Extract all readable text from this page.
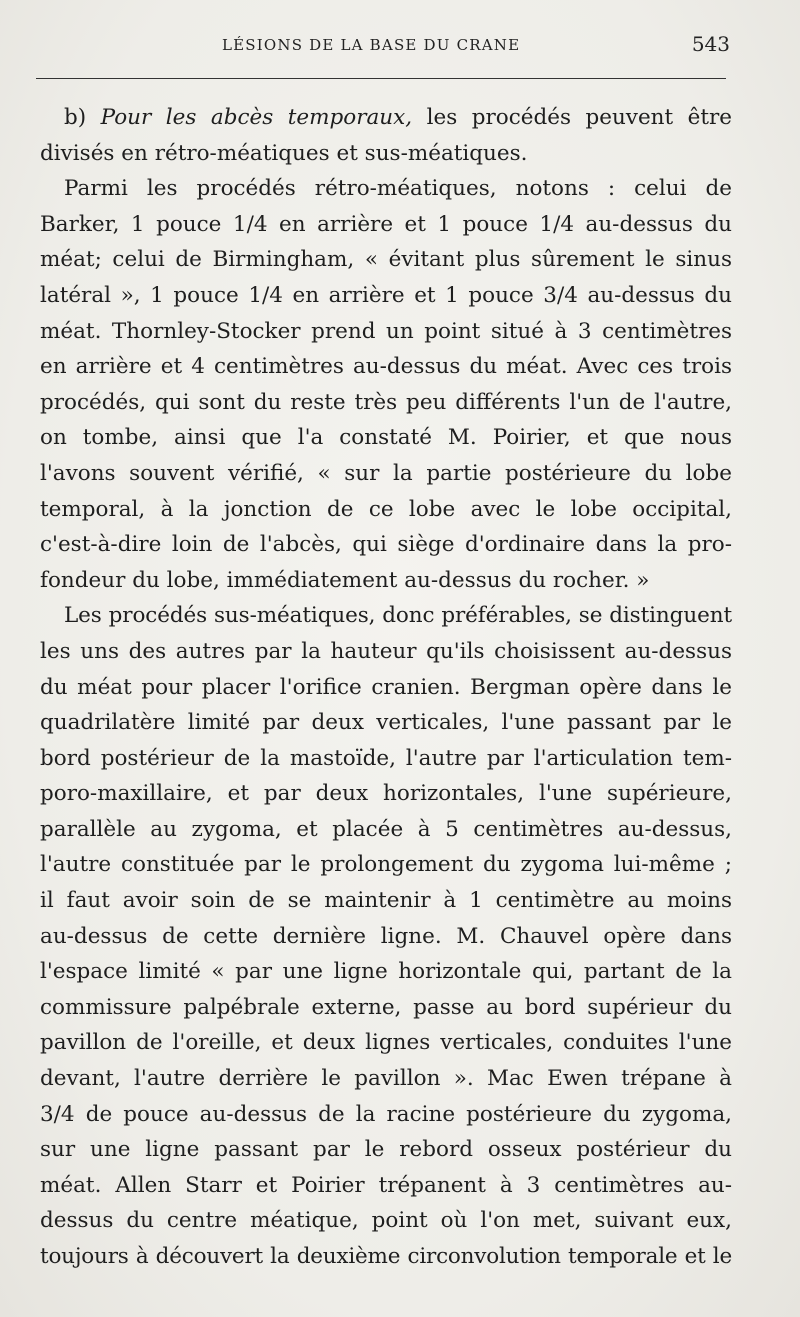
LÉSIONS DE LA BASE DU CRANE	543
b) Pour les abcès temporaux, les procédés peuvent être
divisés en rétro-méatiques et sus-méatiques.
Parmi les procédés rétro-méatiques, notons : celui de
Barker, 1 pouce 1/4 en arrière et 1 pouce 1/4 au-dessus du
méat; celui de Birmingham, « évitant plus sûrement le sinus
latéral », 1 pouce 1/4 en arrière et 1 pouce 3/4 au-dessus du
méat. Thornley-Stocker prend un point situé à 3 centimètres
en arrière et 4 centimètres au-dessus du méat. Avec ces trois
procédés, qui sont du reste très peu différents l'un de l'autre,
on tombe, ainsi que l'a constaté M. Poirier, et que nous
l'avons souvent vérifié, « sur la partie postérieure du lobe
temporal, à la jonction de ce lobe avec le lobe occipital,
c'est-à-dire loin de l'abcès, qui siège d'ordinaire dans la pro-
fondeur du lobe, immédiatement au-dessus du rocher. »
Les procédés sus-méatiques, donc préférables, se distinguent
les uns des autres par la hauteur qu'ils choisissent au-dessus
du méat pour placer l'orifice cranien. Bergman opère dans le
quadrilatère limité par deux verticales, l'une passant par le
bord postérieur de la mastoïde, l'autre par l'articulation tem-
poro-maxillaire, et par deux horizontales, l'une supérieure,
parallèle au zygoma, et placée à 5 centimètres au-dessus,
l'autre constituée par le prolongement du zygoma lui-même ;
il faut avoir soin de se maintenir à 1 centimètre au moins
au-dessus de cette dernière ligne. M. Chauvel opère dans
l'espace limité « par une ligne horizontale qui, partant de la
commissure palpébrale externe, passe au bord supérieur du
pavillon de l'oreille, et deux lignes verticales, conduites l'une
devant, l'autre derrière le pavillon ». Mac Ewen trépane à
3/4 de pouce au-dessus de la racine postérieure du zygoma,
sur une ligne passant par le rebord osseux postérieur du
méat. Allen Starr et Poirier trépanent à 3 centimètres au-
dessus du centre méatique, point où l'on met, suivant eux,
toujours à découvert la deuxième circonvolution temporale et le
